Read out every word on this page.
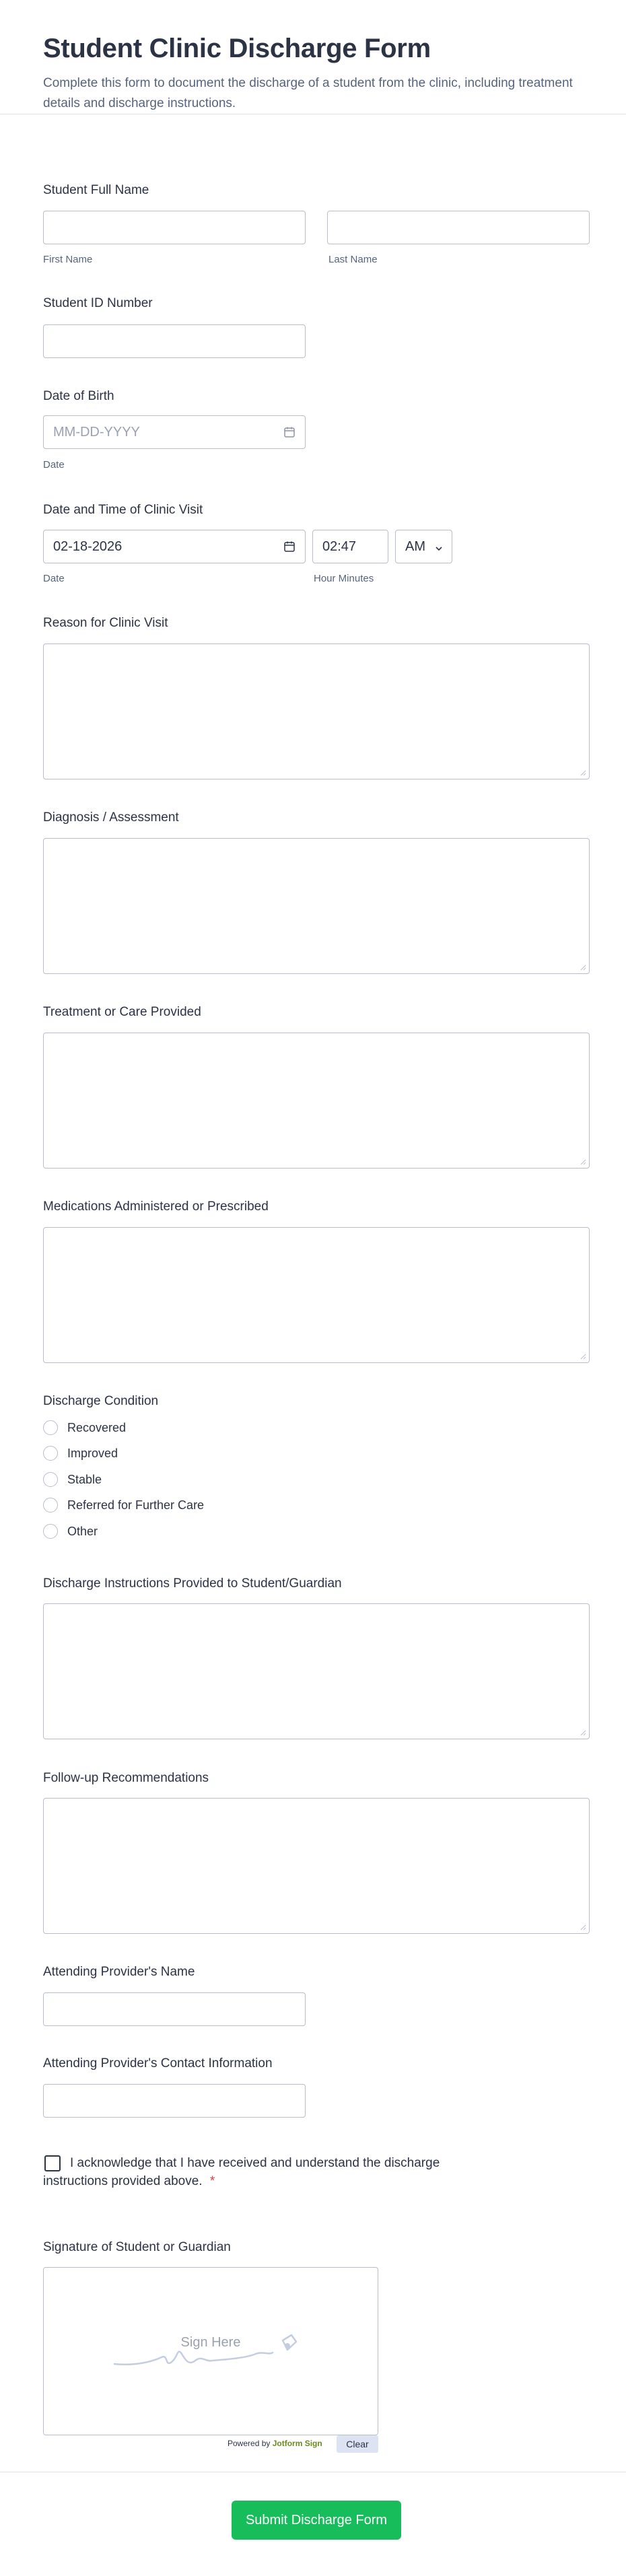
Student Clinic Discharge Form

Complete this form to document the discharge of a student from the clinic, including treatment details and discharge instructions.

Student Full Name
First Name	Last Name
Student ID Number
Date of Birth
MM-DD-YYYY
Date
Date and Time of Clinic Visit
02-18-2026	02:47	AM
Date	Hour Minutes
Reason for Clinic Visit
Diagnosis / Assessment
Treatment or Care Provided
Medications Administered or Prescribed
Discharge Condition
Recovered
Improved
Stable
Referred for Further Care
Other
Discharge Instructions Provided to Student/Guardian
Follow-up Recommendations
Attending Provider's Name
Attending Provider's Contact Information
I acknowledge that I have received and understand the discharge instructions provided above. *
Signature of Student or Guardian
Sign Here
Powered by Jotform Sign	Clear
Submit Discharge Form
